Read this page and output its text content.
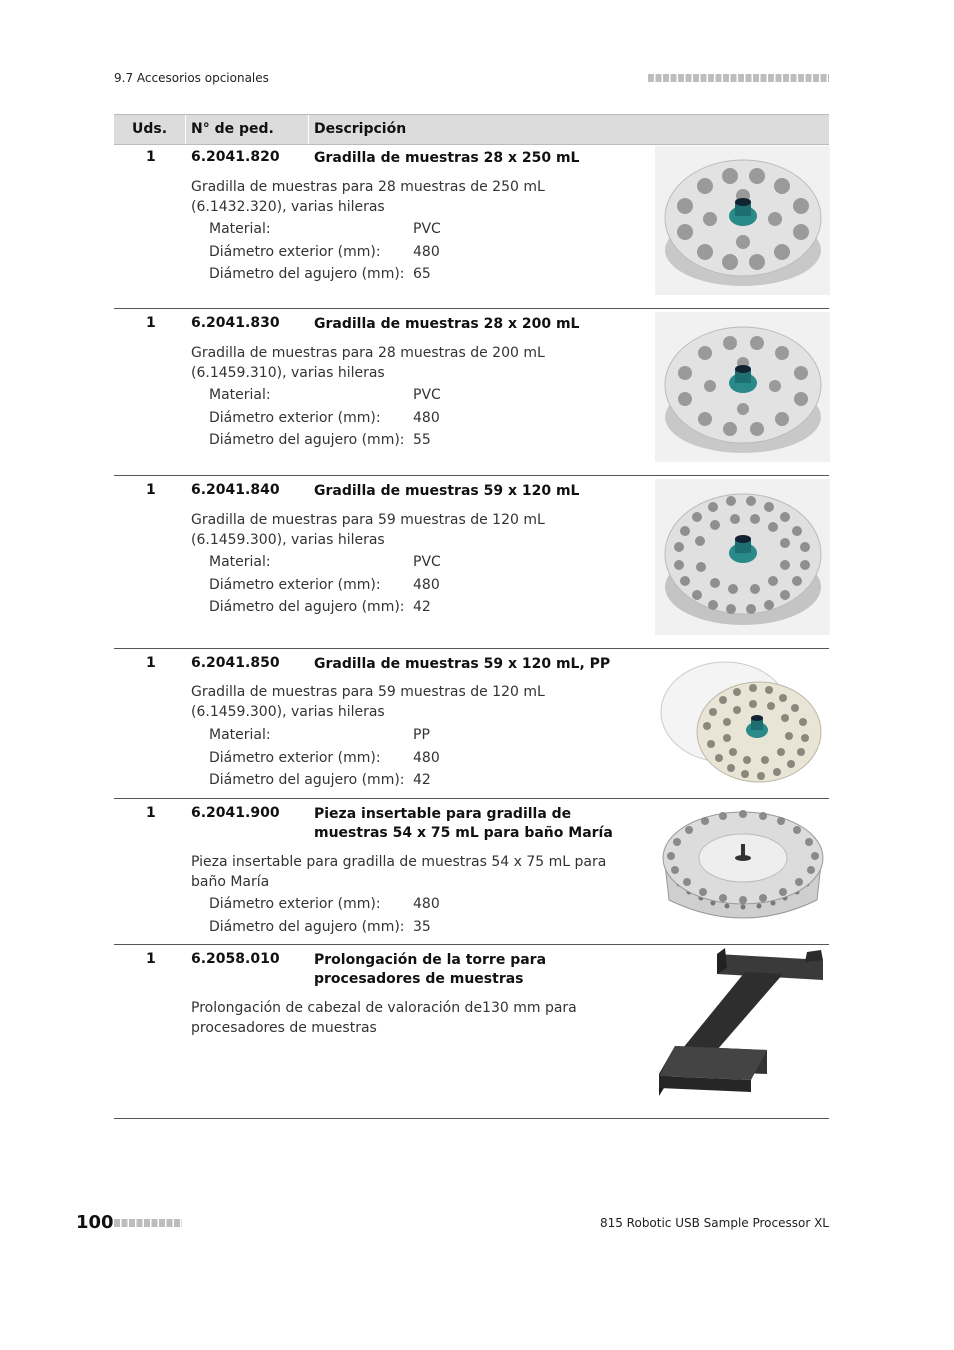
9.7 Accesorios opcionales
Uds. N° de ped.	Descripción
1	6.2041.820 Gradilla de muestras 28 x 250 mL
Gradilla de muestras para 28 muestras de 250 mL (6.1432.320), varias hileras
Material:	PVC
Diámetro exterior (mm):	480
Diámetro del agujero (mm): 65
1	6.2041.830 Gradilla de muestras 28 x 200 mL
Gradilla de muestras para 28 muestras de 200 mL (6.1459.310), varias hileras
Material:	PVC
Diámetro exterior (mm):	480
Diámetro del agujero (mm): 55
1	6.2041.840 Gradilla de muestras 59 x 120 mL
Gradilla de muestras para 59 muestras de 120 mL (6.1459.300), varias hileras
Material:	PVC
Diámetro exterior (mm):	480
Diámetro del agujero (mm): 42
1	6.2041.850 Gradilla de muestras 59 x 120 mL, PP
Gradilla de muestras para 59 muestras de 120 mL (6.1459.300), varias hileras
Material:	PP
Diámetro exterior (mm):	480
Diámetro del agujero (mm): 42
1	6.2041.900 Pieza insertable para gradilla de muestras 54 x 75 mL para baño María
Pieza insertable para gradilla de muestras 54 x 75 mL para baño María
Diámetro exterior (mm):	480
Diámetro del agujero (mm): 35
1	6.2058.010 Prolongación de la torre para procesadores de muestras
Prolongación de cabezal de valoración de130 mm para procesadores de muestras
100	815 Robotic USB Sample Processor XL
